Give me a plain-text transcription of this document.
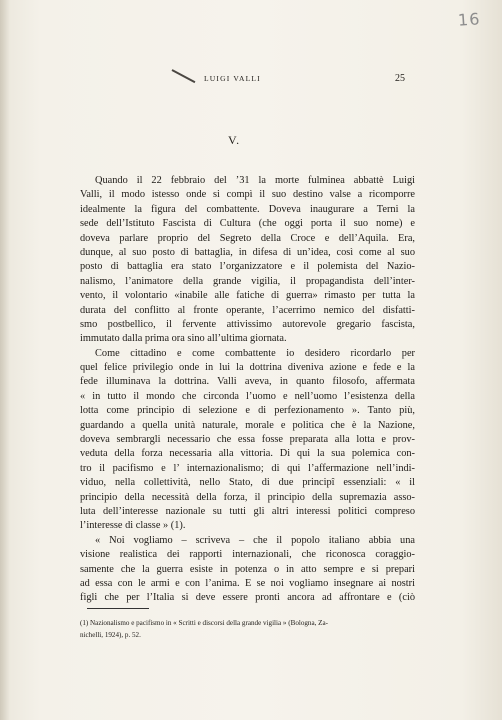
16
LUIGI VALLI	25
V.
Quando il 22 febbraio del ’31 la morte fulminea abbattè Luigi
Valli, il modo istesso onde si compì il suo destino valse a ricomporre
idealmente la figura del combattente. Doveva inaugurare a Terni la
sede dell’Istituto Fascista di Cultura (che oggi porta il suo nome) e
doveva parlare proprio del Segreto della Croce e dell’Aquila. Era,
dunque, al suo posto di battaglia, in difesa di un’idea, così come al suo
posto di battaglia era stato l’organizzatore e il polemista del Nazio-
nalismo, l’animatore della grande vigilia, il propagandista dell’inter-
vento, il volontario «inabile alle fatiche di guerra» rimasto per tutta la
durata del conflitto al fronte operante, l’acerrimo nemico del disfatti-
smo postbellico, il fervente attivissimo autorevole gregario fascista,
immutato dalla prima ora sino all’ultima giornata.
Come cittadino e come combattente io desidero ricordarlo per
quel felice privilegio onde in lui la dottrina diveniva azione e fede e la
fede illuminava la dottrina. Valli aveva, in quanto filosofo, affermata
« in tutto il mondo che circonda l’uomo e nell’uomo l’esistenza della
lotta come principio di selezione e di perfezionamento ». Tanto più,
guardando a quella unità naturale, morale e politica che è la Nazione,
doveva sembrargli necessario che essa fosse preparata alla lotta e prov-
veduta della forza necessaria alla vittoria. Di qui la sua polemica con-
tro il pacifismo e l’ internazionalismo; di qui l’affermazione nell’indi-
viduo, nella collettività, nello Stato, di due principî essenziali: « il
principio della necessità della forza, il principio della supremazia asso-
luta dell’interesse nazionale su tutti gli altri interessi politici compreso
l’interesse di classe » (1).
« Noi vogliamo – scriveva – che il popolo italiano abbia una
visione realistica dei rapporti internazionali, che riconosca coraggio-
samente che la guerra esiste in potenza o in atto sempre e si prepari
ad essa con le armi e con l’anima. E se noi vogliamo insegnare ai nostri
figli che per l’Italia si deve essere pronti ancora ad affrontare e (ciò
(1) Nazionalismo e pacifismo in « Scritti e discorsi della grande vigilia » (Bologna, Za-
nichelli, 1924), p. 52.
